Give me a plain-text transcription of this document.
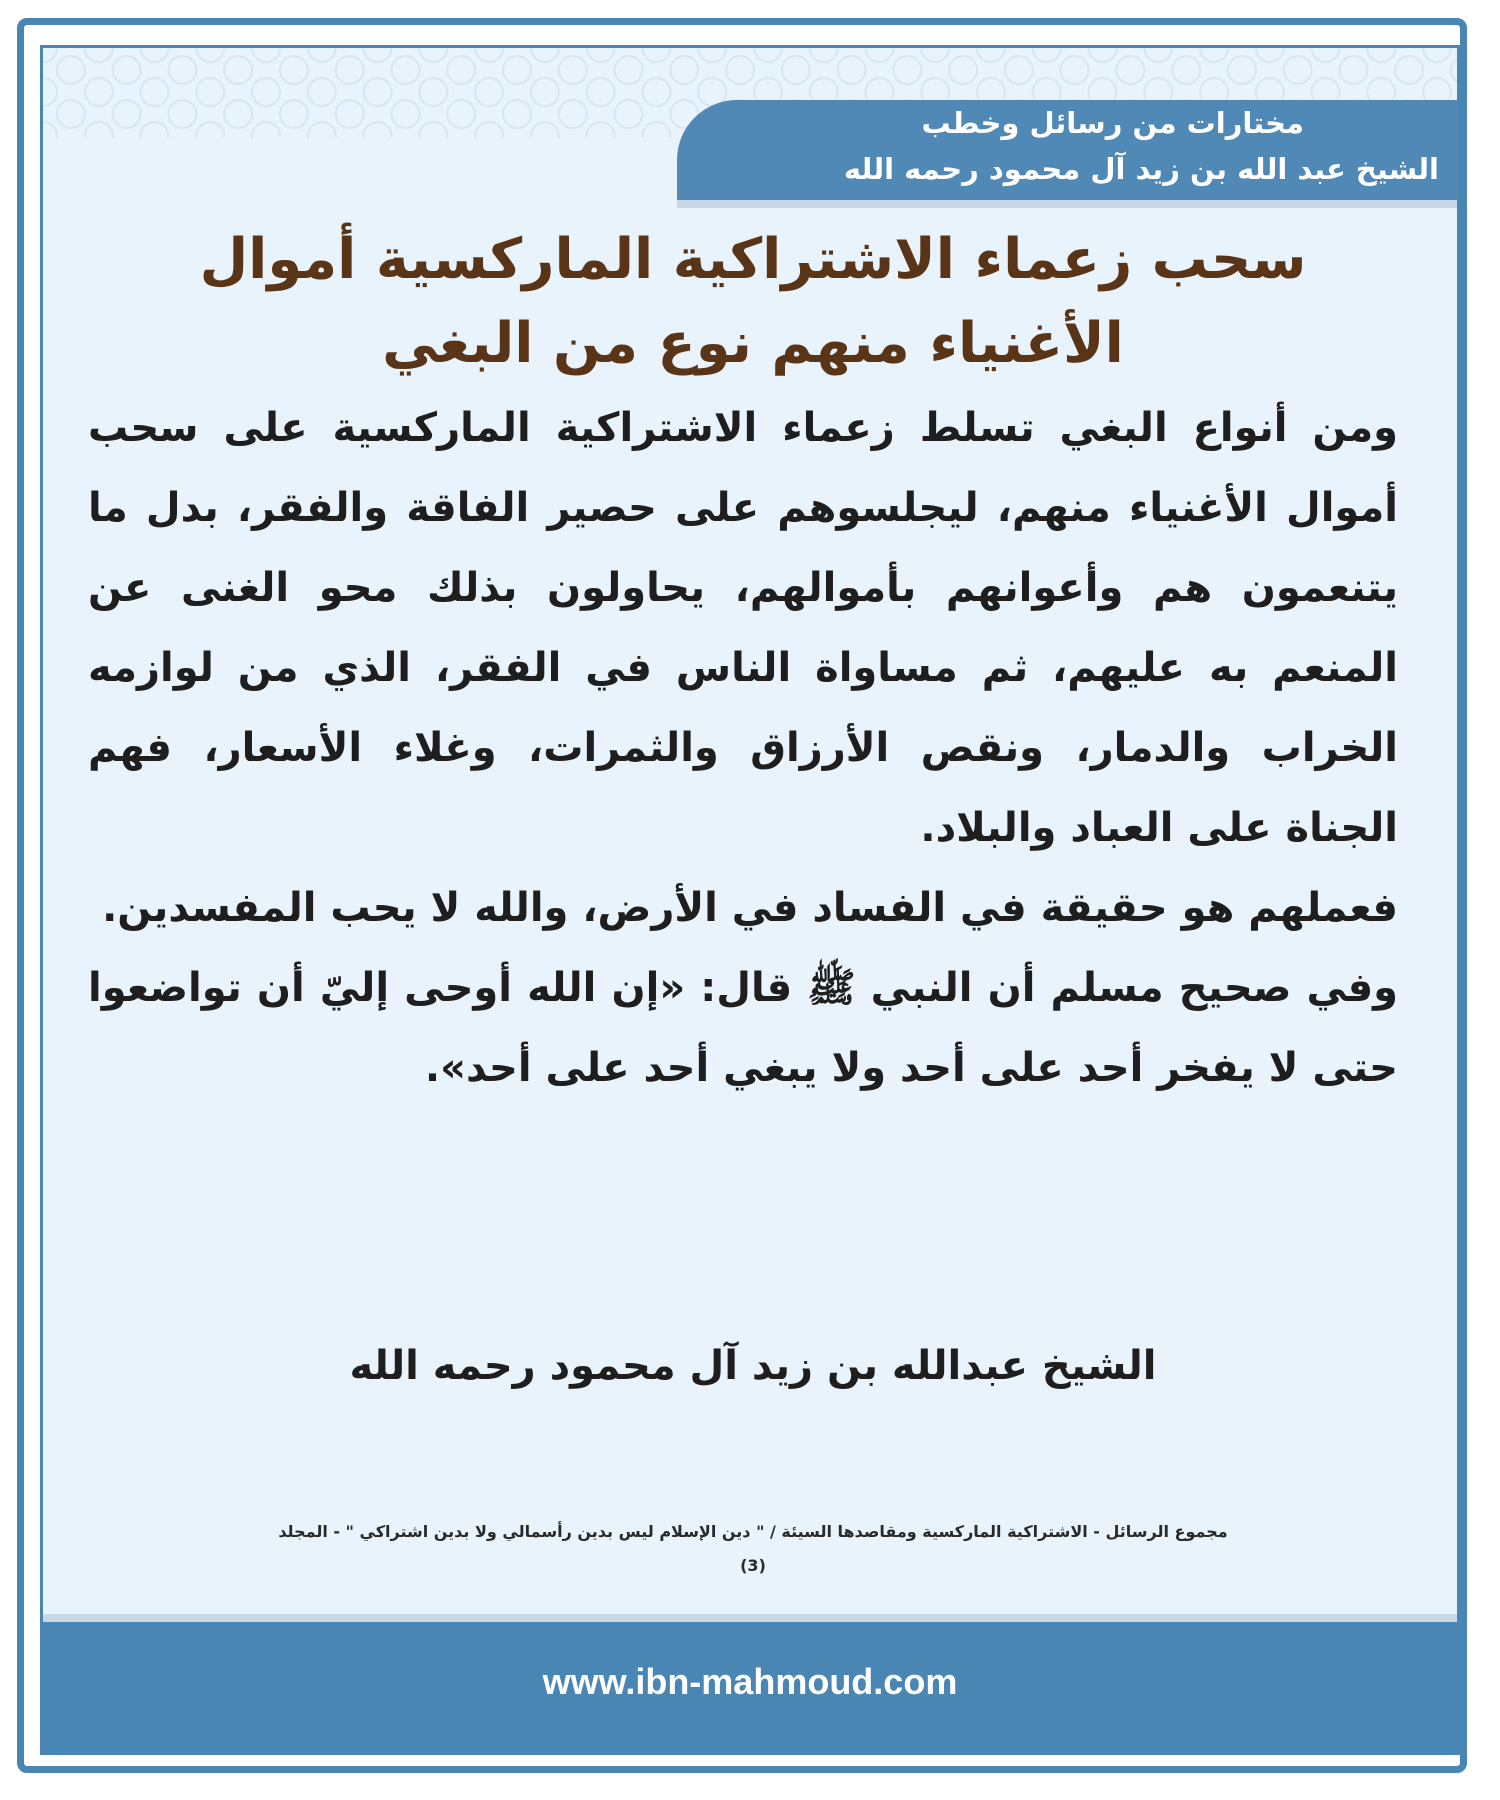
مختارات من رسائل وخطب
الشيخ عبد الله بن زيد آل محمود رحمه الله
سحب زعماء الاشتراكية الماركسية أموال الأغنياء منهم نوع من البغي

ومن أنواع البغي تسلط زعماء الاشتراكية الماركسية على سحب أموال الأغنياء منهم، ليجلسوهم على حصير الفاقة والفقر، بدل ما يتنعمون هم وأعوانهم بأموالهم، يحاولون بذلك محو الغنى عن المنعم به عليهم، ثم مساواة الناس في الفقر، الذي من لوازمه الخراب والدمار، ونقص الأرزاق والثمرات، وغلاء الأسعار، فهم الجناة على العباد والبلاد.

فعملهم هو حقيقة في الفساد في الأرض، والله لا يحب المفسدين.

وفي صحيح مسلم أن النبي ﷺ قال: «إن الله أوحى إليّ أن تواضعوا حتى لا يفخر أحد على أحد ولا يبغي أحد على أحد».

الشيخ عبدالله بن زيد آل محمود رحمه الله
مجموع الرسائل - الاشتراكية الماركسية ومقاصدها السيئة / " دين الإسلام ليس بدين رأسمالي ولا بدين اشتراكي " - المجلد
(3)
www.ibn-mahmoud.com
